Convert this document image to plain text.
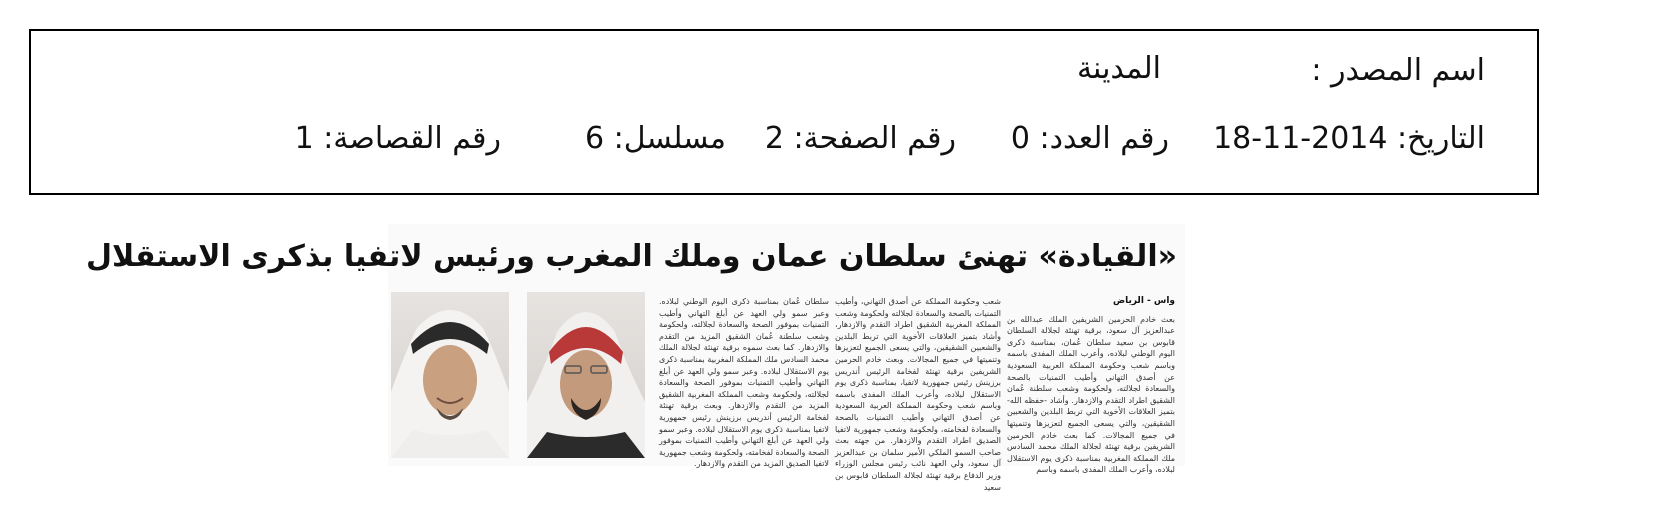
اسم المصدر :
المدينة
التاريخ: 2014-11-18
رقم العدد: 0
رقم الصفحة: 2
مسلسل: 6
رقم القصاصة: 1
«القيادة» تهنئ سلطان عمان وملك المغرب ورئيس لاتفيا بذكرى الاستقلال
واس - الرياض
بعث خادم الحرمين الشريفين الملك عبدالله بن عبدالعزيز آل سعود، برقية تهنئة لجلالة السلطان قابوس بن سعيد سلطان عُمان، بمناسبة ذكرى اليوم الوطني لبلاده، وأعرب الملك المفدى باسمه وباسم شعب وحكومة المملكة العربية السعودية عن أصدق التهاني وأطيب التمنيات بالصحة والسعادة لجلالته، ولحكومة وشعب سلطنة عُمان الشقيق اطراد التقدم والازدهار. وأشاد -حفظه الله- بتميز العلاقات الأخوية التي تربط البلدين والشعبين الشقيقين، والتي يسعى الجميع لتعزيزها وتنميتها في جميع المجالات. كما بعث خادم الحرمين الشريفين برقية تهنئة لجلالة الملك محمد السادس ملك المملكة المغربية بمناسبة ذكرى يوم الاستقلال لبلاده، وأعرب الملك المفدى باسمه وباسم
شعب وحكومة المملكة عن أصدق التهاني، وأطيب التمنيات بالصحة والسعادة لجلالته ولحكومة وشعب المملكة المغربية الشقيق اطراد التقدم والازدهار، وأشاد بتميز العلاقات الأخوية التي تربط البلدين والشعبين الشقيقين، والتي يسعى الجميع لتعزيزها وتنميتها في جميع المجالات. وبعث خادم الحرمين الشريفين برقية تهنئة لفخامة الرئيس أندريس برزينش رئيس جمهورية لاتفيا، بمناسبة ذكرى يوم الاستقلال لبلاده، وأعرب الملك المفدى باسمه وباسم شعب وحكومة المملكة العربية السعودية عن أصدق التهاني وأطيب التمنيات بالصحة والسعادة لفخامته، ولحكومة وشعب جمهورية لاتفيا الصديق اطراد التقدم والازدهار. من جهته بعث صاحب السمو الملكي الأمير سلمان بن عبدالعزيز آل سعود، ولي العهد نائب رئيس مجلس الوزراء وزير الدفاع برقية تهنئة لجلالة السلطان قابوس بن سعيد
سلطان عُمان بمناسبة ذكرى اليوم الوطني لبلاده. وعبر سمو ولي العهد عن أبلغ التهاني وأطيب التمنيات بموفور الصحة والسعادة لجلالته، ولحكومة وشعب سلطنة عُمان الشقيق المزيد من التقدم والازدهار. كما بعث سموه برقية تهنئة لجلالة الملك محمد السادس ملك المملكة المغربية بمناسبة ذكرى يوم الاستقلال لبلاده. وعبر سمو ولي العهد عن أبلغ التهاني وأطيب التمنيات بموفور الصحة والسعادة لجلالته، ولحكومة وشعب المملكة المغربية الشقيق المزيد من التقدم والازدهار. وبعث برقية تهنئة لفخامة الرئيس أندريس برزينش رئيس جمهورية لاتفيا بمناسبة ذكرى يوم الاستقلال لبلاده. وعبر سمو ولي العهد عن أبلغ التهاني وأطيب التمنيات بموفور الصحة والسعادة لفخامته، ولحكومة وشعب جمهورية لاتفيا الصديق المزيد من التقدم والازدهار.
